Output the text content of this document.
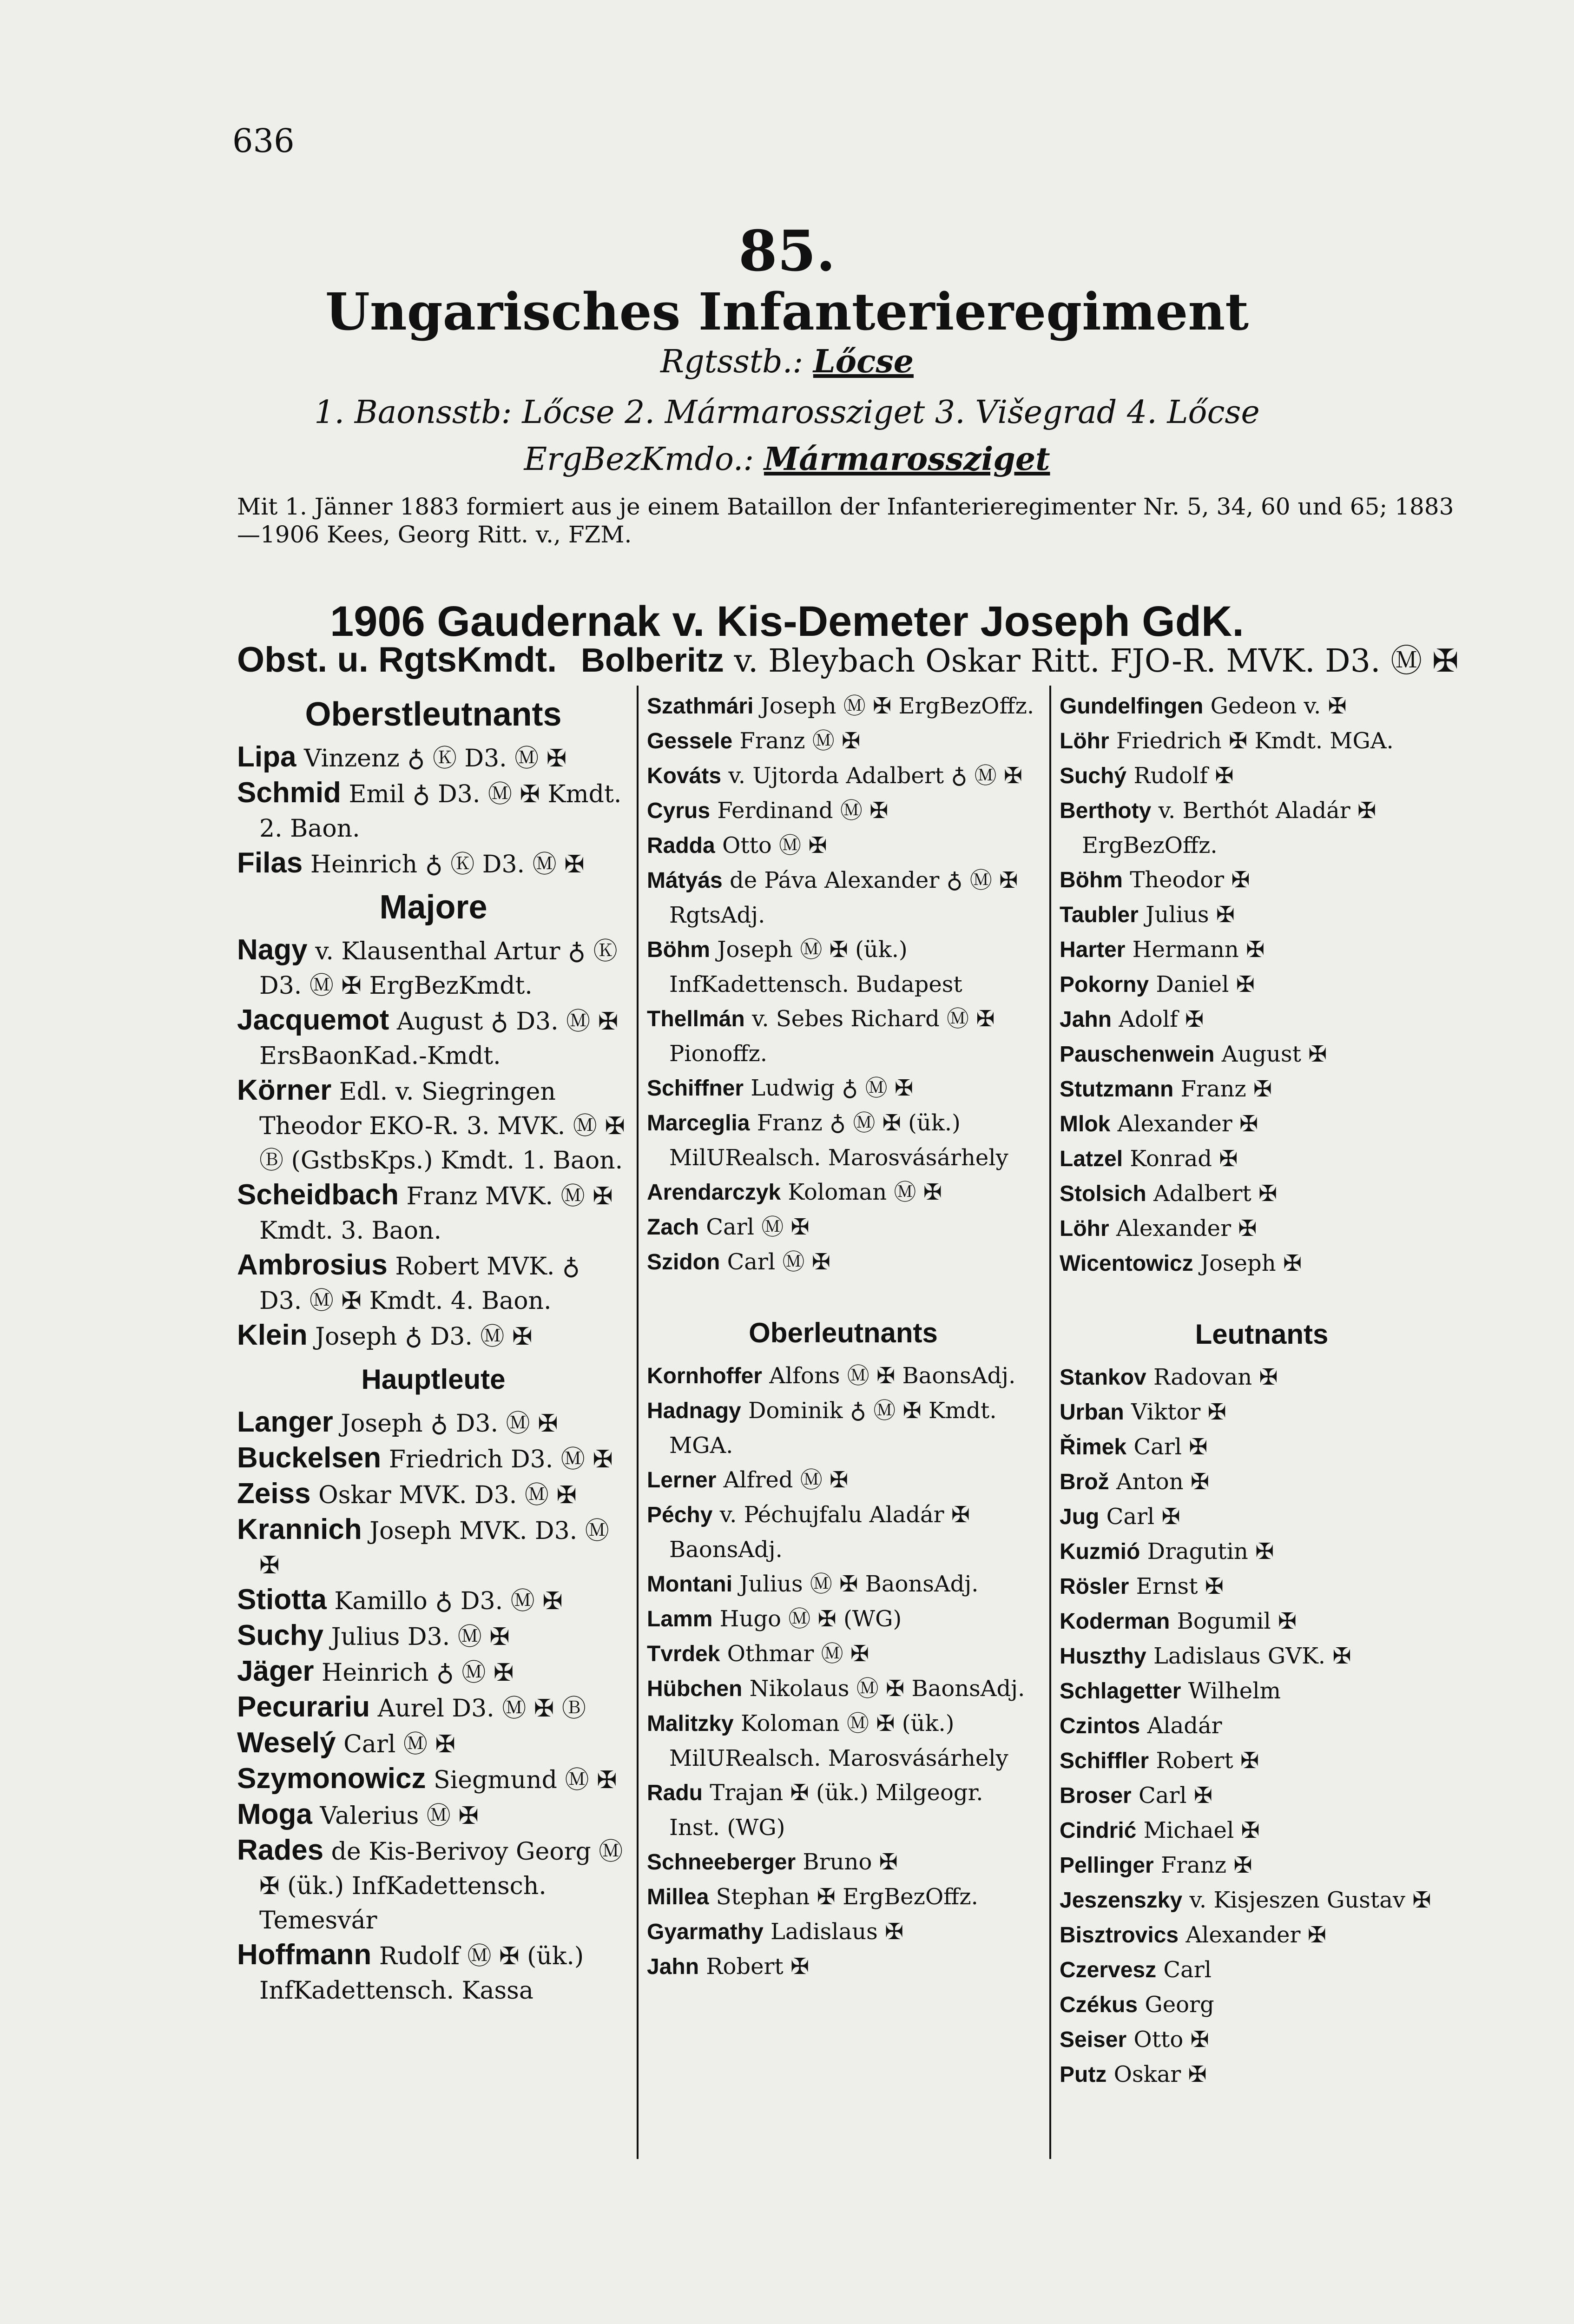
636
85.
Ungarisches Infanterieregiment
Rgtsstb.: Lőcse
1. Baonsstb: Lőcse 2. Mármarossziget 3. Višegrad 4. Lőcse
ErgBezKmdo.: Mármarossziget
Mit 1. Jänner 1883 formiert aus je einem Bataillon der Infanterieregimenter Nr. 5, 34, 60 und 65; 1883—1906 Kees, Georg Ritt. v., FZM.
1906 Gaudernak v. Kis-Demeter Joseph GdK.
Obst. u. RgtsKmdt. Bolberitz v. Bleybach Oskar Ritt. FJO-R. MVK. D3. Ⓜ ✠

Oberstleutnants

Lipa Vinzenz ♁ Ⓚ D3. Ⓜ ✠

Schmid Emil ♁ D3. Ⓜ ✠ Kmdt. 2. Baon.

Filas Heinrich ♁ Ⓚ D3. Ⓜ ✠

Majore

Nagy v. Klausenthal Artur ♁ Ⓚ D3. Ⓜ ✠ ErgBezKmdt.

Jacquemot August ♁ D3. Ⓜ ✠ ErsBaonKad.-Kmdt.

Körner Edl. v. Siegringen Theodor EKO-R. 3. MVK. Ⓜ ✠ Ⓑ (GstbsKps.) Kmdt. 1. Baon.

Scheidbach Franz MVK. Ⓜ ✠ Kmdt. 3. Baon.

Ambrosius Robert MVK. ♁ D3. Ⓜ ✠ Kmdt. 4. Baon.

Klein Joseph ♁ D3. Ⓜ ✠

Hauptleute

Langer Joseph ♁ D3. Ⓜ ✠

Buckelsen Friedrich D3. Ⓜ ✠

Zeiss Oskar MVK. D3. Ⓜ ✠

Krannich Joseph MVK. D3. Ⓜ ✠

Stiotta Kamillo ♁ D3. Ⓜ ✠

Suchy Julius D3. Ⓜ ✠

Jäger Heinrich ♁ Ⓜ ✠

Pecurariu Aurel D3. Ⓜ ✠ Ⓑ

Weselý Carl Ⓜ ✠

Szymonowicz Siegmund Ⓜ ✠

Moga Valerius Ⓜ ✠

Rades de Kis-Berivoy Georg Ⓜ ✠ (ük.) InfKadettensch. Temesvár

Hoffmann Rudolf Ⓜ ✠ (ük.) InfKadettensch. Kassa

Szathmári Joseph Ⓜ ✠ ErgBezOffz.

Gessele Franz Ⓜ ✠

Kováts v. Ujtorda Adalbert ♁ Ⓜ ✠

Cyrus Ferdinand Ⓜ ✠

Radda Otto Ⓜ ✠

Mátyás de Páva Alexander ♁ Ⓜ ✠ RgtsAdj.

Böhm Joseph Ⓜ ✠ (ük.) InfKadettensch. Budapest

Thellmán v. Sebes Richard Ⓜ ✠ Pionoffz.

Schiffner Ludwig ♁ Ⓜ ✠

Marceglia Franz ♁ Ⓜ ✠ (ük.) MilURealsch. Marosvásárhely

Arendarczyk Koloman Ⓜ ✠

Zach Carl Ⓜ ✠

Szidon Carl Ⓜ ✠

Oberleutnants

Kornhoffer Alfons Ⓜ ✠ BaonsAdj.

Hadnagy Dominik ♁ Ⓜ ✠ Kmdt. MGA.

Lerner Alfred Ⓜ ✠

Péchy v. Péchujfalu Aladár ✠ BaonsAdj.

Montani Julius Ⓜ ✠ BaonsAdj.

Lamm Hugo Ⓜ ✠ (WG)

Tvrdek Othmar Ⓜ ✠

Hübchen Nikolaus Ⓜ ✠ BaonsAdj.

Malitzky Koloman Ⓜ ✠ (ük.) MilURealsch. Marosvásárhely

Radu Trajan ✠ (ük.) Milgeogr. Inst. (WG)

Schneeberger Bruno ✠

Millea Stephan ✠ ErgBezOffz.

Gyarmathy Ladislaus ✠

Jahn Robert ✠

Gundelfingen Gedeon v. ✠

Löhr Friedrich ✠ Kmdt. MGA.

Suchý Rudolf ✠

Berthoty v. Berthót Aladár ✠ ErgBezOffz.

Böhm Theodor ✠

Taubler Julius ✠

Harter Hermann ✠

Pokorny Daniel ✠

Jahn Adolf ✠

Pauschenwein August ✠

Stutzmann Franz ✠

Mlok Alexander ✠

Latzel Konrad ✠

Stolsich Adalbert ✠

Löhr Alexander ✠

Wicentowicz Joseph ✠

Leutnants

Stankov Radovan ✠

Urban Viktor ✠

Řimek Carl ✠

Brož Anton ✠

Jug Carl ✠

Kuzmió Dragutin ✠

Rösler Ernst ✠

Koderman Bogumil ✠

Huszthy Ladislaus GVK. ✠

Schlagetter Wilhelm

Czintos Aladár

Schiffler Robert ✠

Broser Carl ✠

Cindrić Michael ✠

Pellinger Franz ✠

Jeszenszky v. Kisjeszen Gustav ✠

Bisztrovics Alexander ✠

Czervesz Carl

Czékus Georg

Seiser Otto ✠

Putz Oskar ✠
